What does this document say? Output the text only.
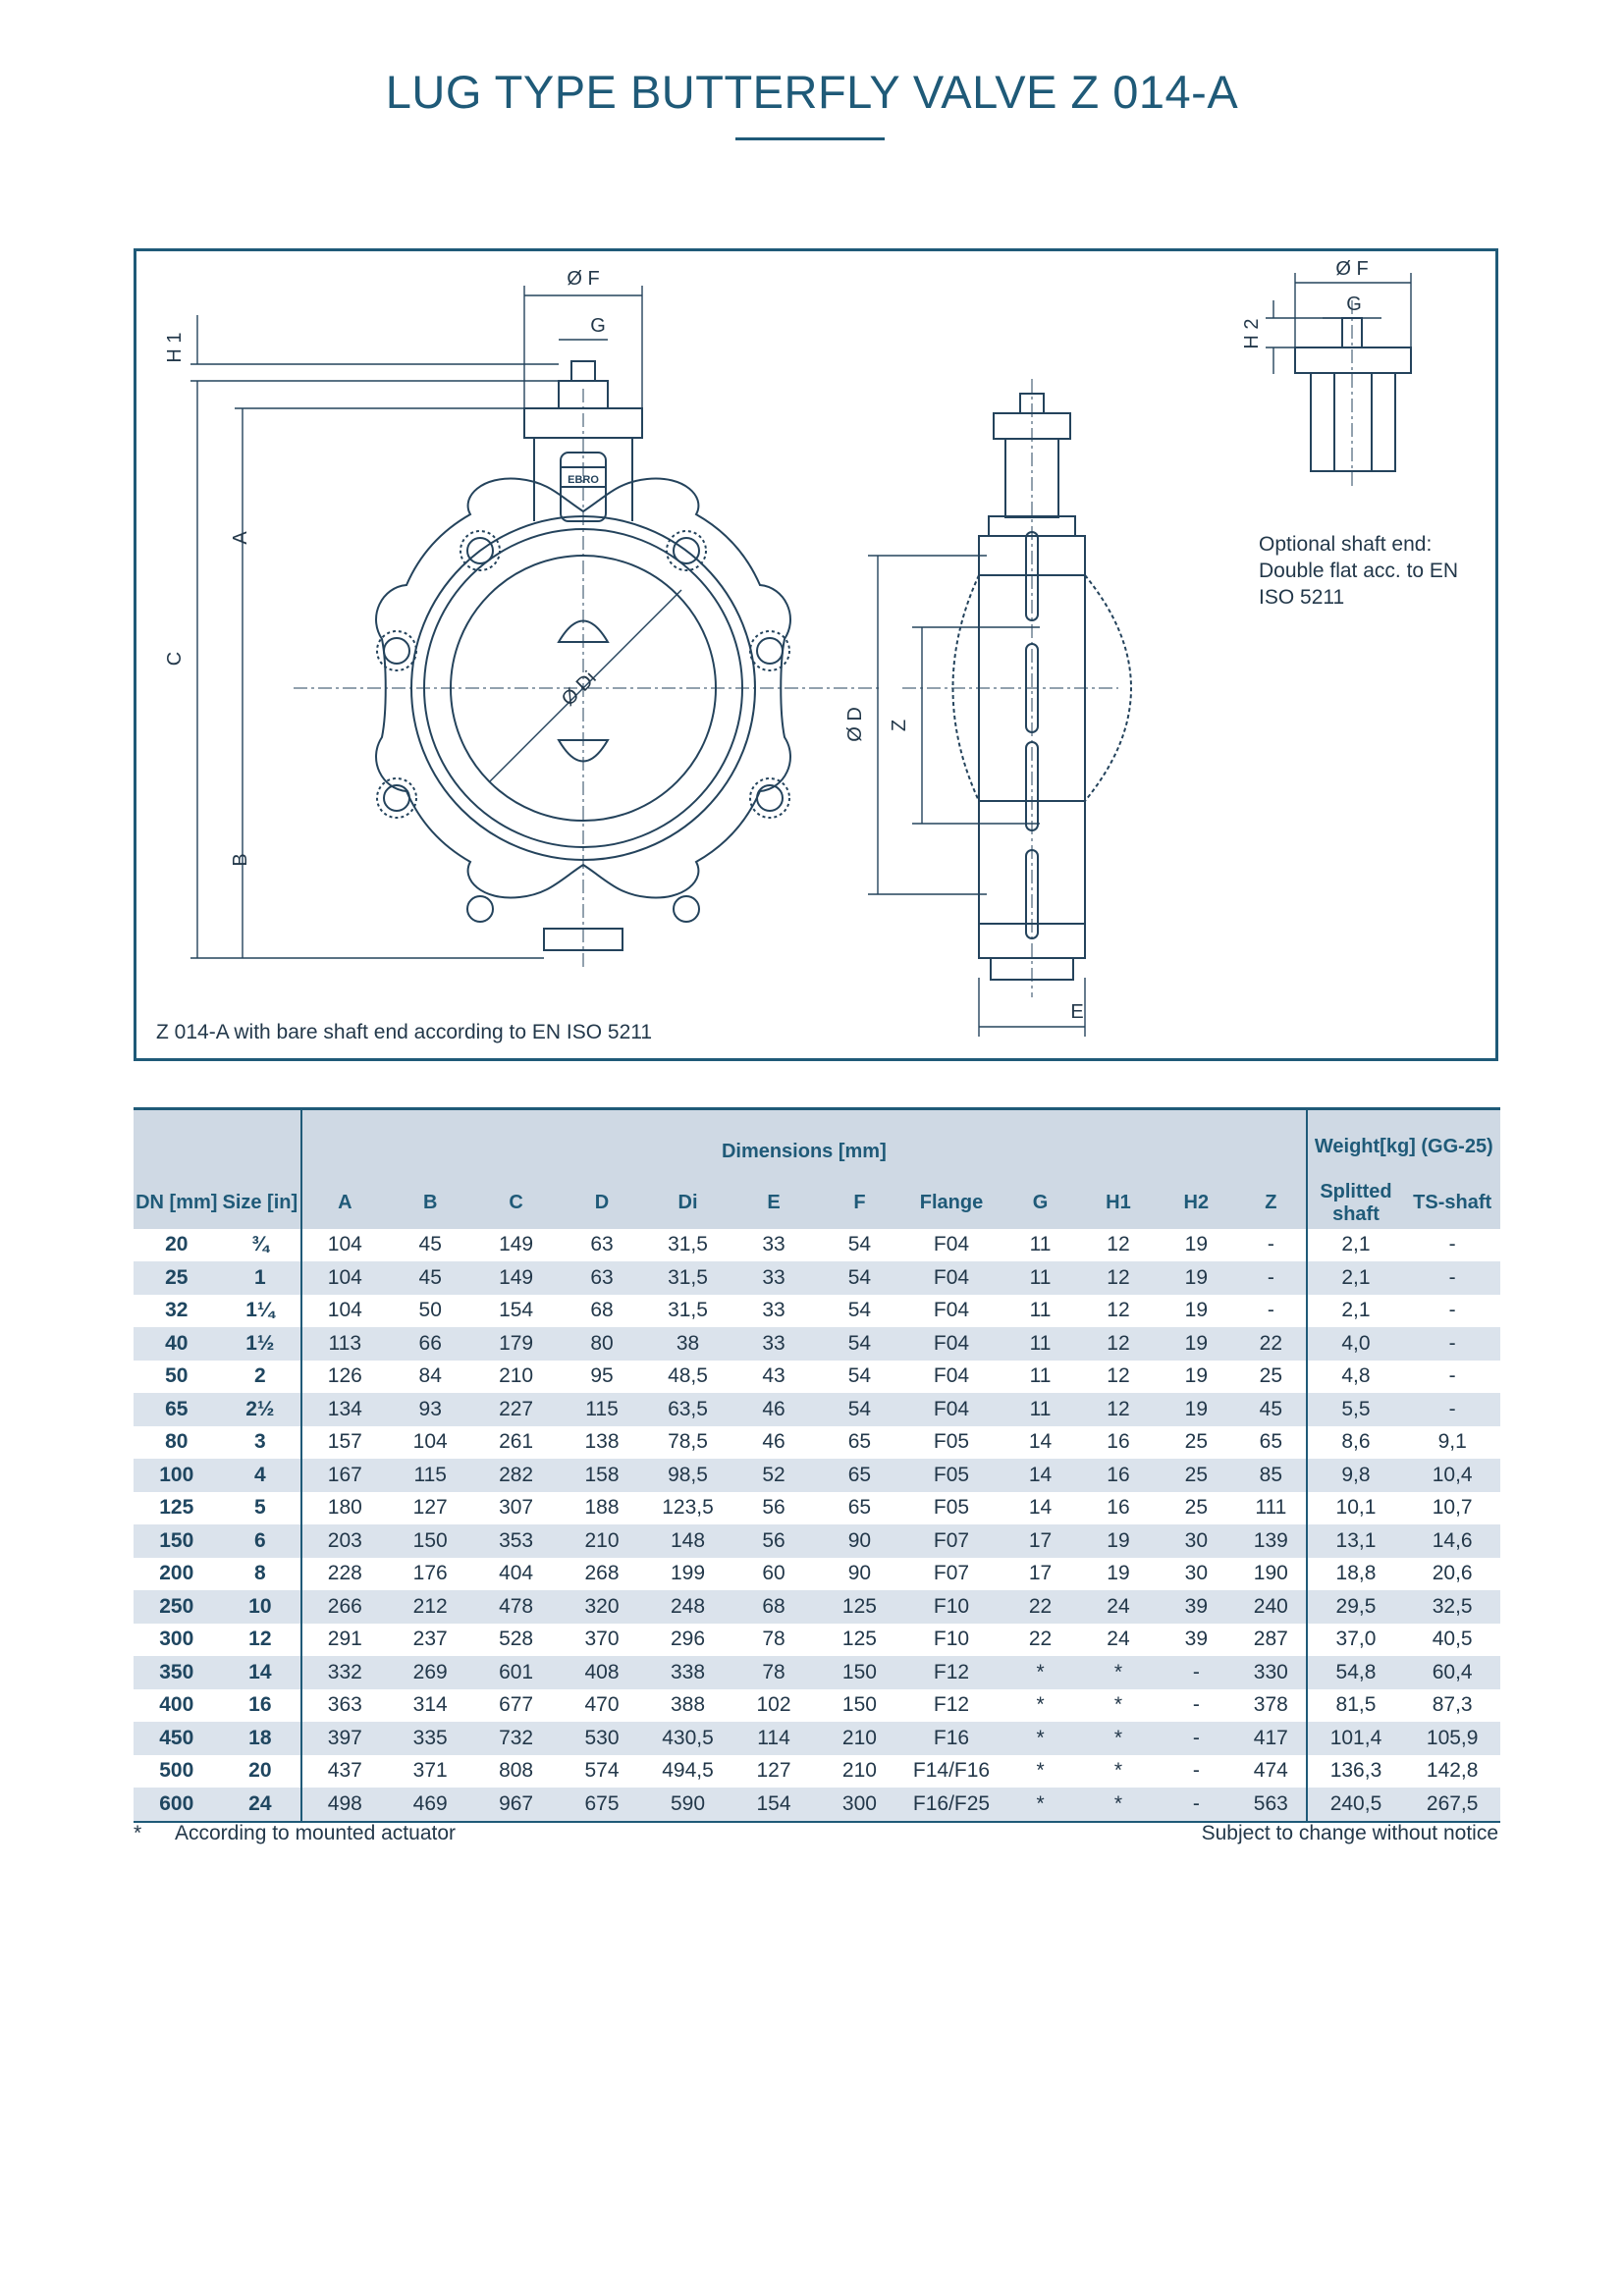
LUG TYPE BUTTERFLY VALVE Z 014-A
Ø F
G
H 1
C
A
B
Ø Di
EBRO
Ø D Z
E
Ø F
G
H 2
Optional shaft end: Double flat acc. to EN ISO 5211
Z 014-A with bare shaft end according to EN ISO 5211
		Dimensions [mm]												Weight[kg] (GG-25)	
DN [mm]	Size [in]	A	B	C	D	Di	E	F	Flange	G	H1	H2	Z	Splitted shaft	TS-shaft
20	¾	104	45	149	63	31,5	33	54	F04	11	12	19	-	2,1	-
25	1	104	45	149	63	31,5	33	54	F04	11	12	19	-	2,1	-
32	1¼	104	50	154	68	31,5	33	54	F04	11	12	19	-	2,1	-
40	1½	113	66	179	80	38	33	54	F04	11	12	19	22	4,0	-
50	2	126	84	210	95	48,5	43	54	F04	11	12	19	25	4,8	-
65	2½	134	93	227	115	63,5	46	54	F04	11	12	19	45	5,5	-
80	3	157	104	261	138	78,5	46	65	F05	14	16	25	65	8,6	9,1
100	4	167	115	282	158	98,5	52	65	F05	14	16	25	85	9,8	10,4
125	5	180	127	307	188	123,5	56	65	F05	14	16	25	111	10,1	10,7
150	6	203	150	353	210	148	56	90	F07	17	19	30	139	13,1	14,6
200	8	228	176	404	268	199	60	90	F07	17	19	30	190	18,8	20,6
250	10	266	212	478	320	248	68	125	F10	22	24	39	240	29,5	32,5
300	12	291	237	528	370	296	78	125	F10	22	24	39	287	37,0	40,5
350	14	332	269	601	408	338	78	150	F12	*	*	-	330	54,8	60,4
400	16	363	314	677	470	388	102	150	F12	*	*	-	378	81,5	87,3
450	18	397	335	732	530	430,5	114	210	F16	*	*	-	417	101,4	105,9
500	20	437	371	808	574	494,5	127	210	F14/F16	*	*	-	474	136,3	142,8
600	24	498	469	967	675	590	154	300	F16/F25	*	*	-	563	240,5	267,5
* According to mounted actuator	Subject to change without notice
